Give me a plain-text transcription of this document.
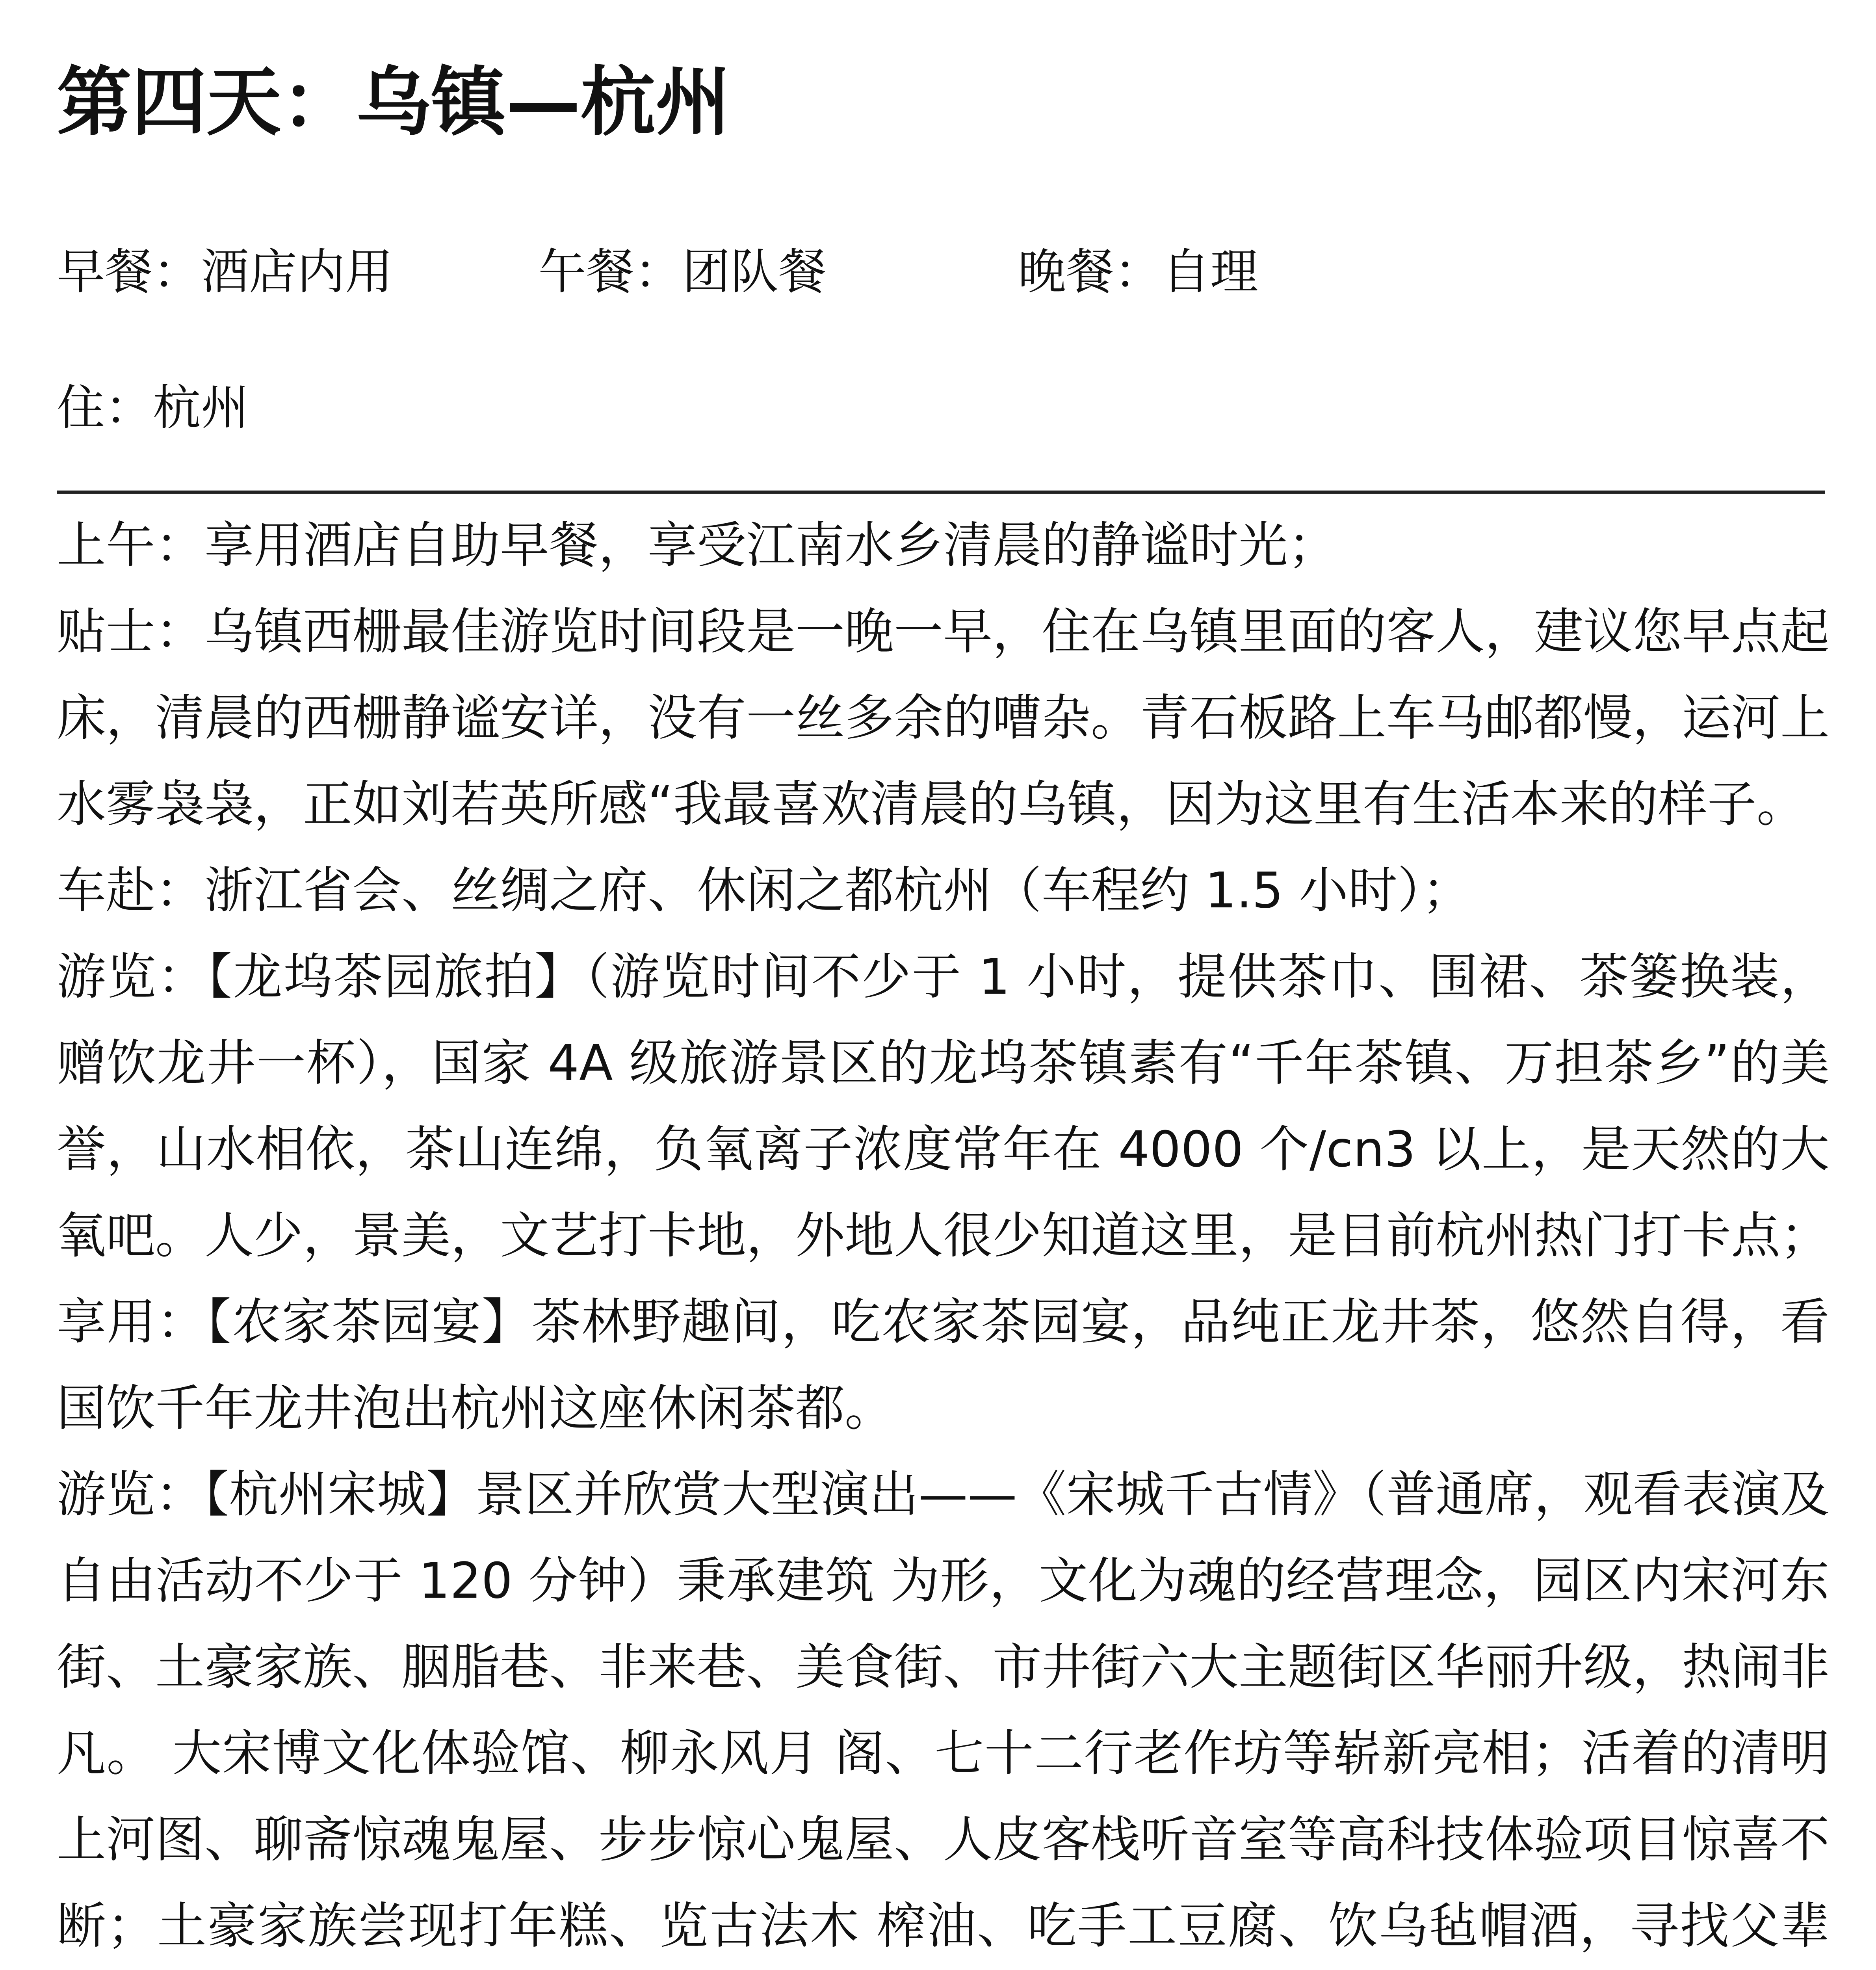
第四天：乌镇—杭州
早餐：酒店内用	午餐：团队餐	晚餐：自理
住：杭州

上午：享用酒店自助早餐，享受江南水乡清晨的静谧时光；

贴士：乌镇西栅最佳游览时间段是一晚一早，住在乌镇里面的客人，建议您早点起床，清晨的西栅静谧安详，没有一丝多余的嘈杂。青石板路上车马邮都慢，运河上水雾袅袅，正如刘若英所感“我最喜欢清晨的乌镇，因为这里有生活本来的样子。

车赴：浙江省会、丝绸之府、休闲之都杭州（车程约 1.5 小时）；

游览：【龙坞茶园旅拍】（游览时间不少于 1 小时，提供茶巾、围裙、茶篓换装，赠饮龙井一杯），国家 4A 级旅游景区的龙坞茶镇素有“千年茶镇、万担茶乡”的美誉，山水相依，茶山连绵，负氧离子浓度常年在 4000 个/cn3 以上，是天然的大氧吧。人少，景美，文艺打卡地，外地人很少知道这里，是目前杭州热门打卡点；

享用：【农家茶园宴】茶林野趣间，吃农家茶园宴，品纯正龙井茶，悠然自得，看国饮千年龙井泡出杭州这座休闲茶都。

游览：【杭州宋城】景区并欣赏大型演出——《宋城千古情》（普通席，观看表演及自由活动不少于 120 分钟）秉承建筑 为形，文化为魂的经营理念，园区内宋河东街、土豪家族、胭脂巷、非来巷、美食街、市井街六大主题街区华丽升级，热闹非凡。 大宋博文化体验馆、柳永风月 阁、七十二行老作坊等崭新亮相；活着的清明上河图、聊斋惊魂鬼屋、步步惊心鬼屋、人皮客栈听音室等高科技体验项目惊喜不断；土豪家族尝现打年糕、览古法木 榨油、吃手工豆腐、饮乌毡帽酒，寻找父辈
